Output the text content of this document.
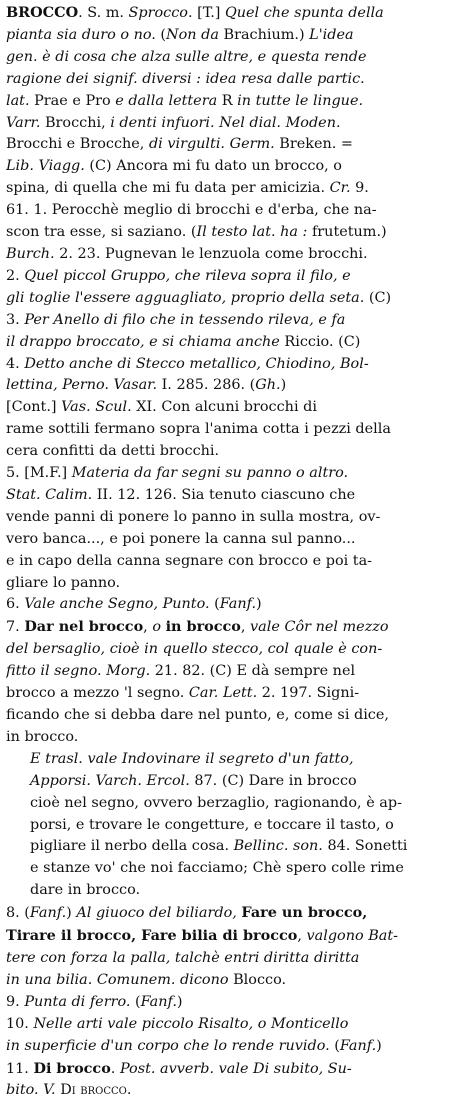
BROCCO. S. m. Sprocco. [T.] Quel che spunta della
pianta sia duro o no. (Non da Brachium.) L'idea
gen. è di cosa che alza sulle altre, e questa rende
ragione dei signif. diversi : idea resa dalle partic.
lat. Prae e Pro e dalla lettera R in tutte le lingue.
Varr. Brocchi, i denti infuori. Nel dial. Moden.
Brocchi e Brocche, di virgulti. Germ. Breken. =
Lib. Viagg. (C) Ancora mi fu dato un brocco, o
spina, di quella che mi fu data per amicizia. Cr. 9.
61. 1. Perocchè meglio di brocchi e d'erba, che na-
scon tra esse, si saziano. (Il testo lat. ha : frutetum.)
Burch. 2. 23. Pugnevan le lenzuola come brocchi.
2. Quel piccol Gruppo, che rileva sopra il filo, e
gli toglie l'essere agguagliato, proprio della seta. (C)
3. Per Anello di filo che in tessendo rileva, e fa
il drappo broccato, e si chiama anche Riccio. (C)
4. Detto anche di Stecco metallico, Chiodino, Bol-
lettina, Perno. Vasar. I. 285. 286. (Gh.)
[Cont.] Vas. Scul. XI. Con alcuni brocchi di
rame sottili fermano sopra l'anima cotta i pezzi della
cera confitti da detti brocchi.
5. [M.F.] Materia da far segni su panno o altro.
Stat. Calim. II. 12. 126. Sia tenuto ciascuno che
vende panni di ponere lo panno in sulla mostra, ov-
vero banca..., e poi ponere la canna sul panno...
e in capo della canna segnare con brocco e poi ta-
gliare lo panno.
6. Vale anche Segno, Punto. (Fanf.)
7. Dar nel brocco, o in brocco, vale Côr nel mezzo
del bersaglio, cioè in quello stecco, col quale è con-
fitto il segno. Morg. 21. 82. (C) E dà sempre nel
brocco a mezzo 'l segno. Car. Lett. 2. 197. Signi-
ficando che si debba dare nel punto, e, come si dice,
in brocco.
E trasl. vale Indovinare il segreto d'un fatto,
Apporsi. Varch. Ercol. 87. (C) Dare in brocco
cioè nel segno, ovvero berzaglio, ragionando, è ap-
porsi, e trovare le congetture, e toccare il tasto, o
pigliare il nerbo della cosa. Bellinc. son. 84. Sonetti
e stanze vo' che noi facciamo; Chè spero colle rime
dare in brocco.
8. (Fanf.) Al giuoco del biliardo, Fare un brocco,
Tirare il brocco, Fare bilia di brocco, valgono Bat-
tere con forza la palla, talchè entri diritta diritta
in una bilia. Comunem. dicono Blocco.
9. Punta di ferro. (Fanf.)
10. Nelle arti vale piccolo Risalto, o Monticello
in superficie d'un corpo che lo rende ruvido. (Fanf.)
11. Di brocco. Post. avverb. vale Di subito, Su-
bito. V. Di brocco.
